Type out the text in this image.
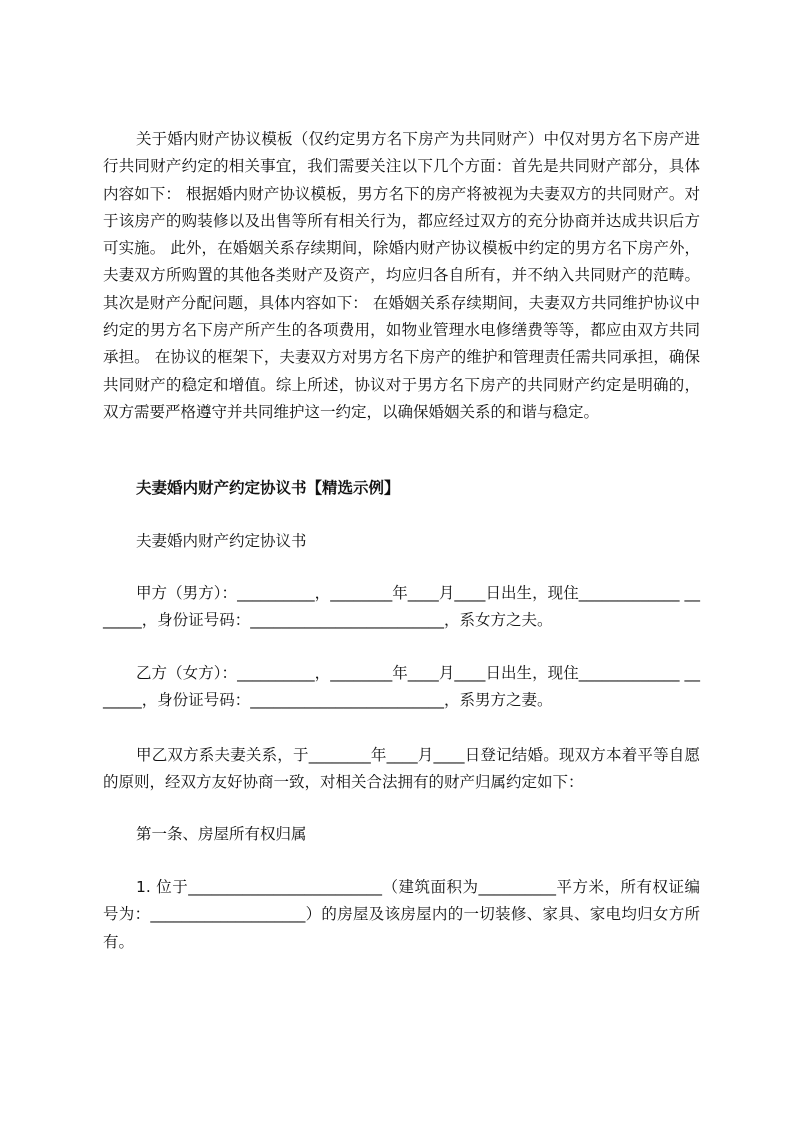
关于婚内财产协议模板（仅约定男方名下房产为共同财产）中仅对男方名下房产进行共同财产约定的相关事宜，我们需要关注以下几个方面：首先是共同财产部分，具体内容如下： 根据婚内财产协议模板，男方名下的房产将被视为夫妻双方的共同财产。对于该房产的购装修以及出售等所有相关行为，都应经过双方的充分协商并达成共识后方可实施。 此外，在婚姻关系存续期间，除婚内财产协议模板中约定的男方名下房产外，夫妻双方所购置的其他各类财产及资产，均应归各自所有，并不纳入共同财产的范畴。其次是财产分配问题，具体内容如下： 在婚姻关系存续期间，夫妻双方共同维护协议中约定的男方名下房产所产生的各项费用，如物业管理水电修缮费等等，都应由双方共同承担。 在协议的框架下，夫妻双方对男方名下房产的维护和管理责任需共同承担，确保共同财产的稳定和增值。综上所述，协议对于男方名下房产的共同财产约定是明确的，双方需要严格遵守并共同维护这一约定，以确保婚姻关系的和谐与稳定。

夫妻婚内财产约定协议书【精选示例】

夫妻婚内财产约定协议书

甲方（男方）：__________，________年____月____日出生，现住_____________ _______，身份证号码：_________________________，系女方之夫。

乙方（女方）：__________，________年____月____日出生，现住_____________ _______，身份证号码：_________________________，系男方之妻。

甲乙双方系夫妻关系，于________年____月____日登记结婚。现双方本着平等自愿的原则，经双方友好协商一致，对相关合法拥有的财产归属约定如下：

第一条、房屋所有权归属

1. 位于_________________________（建筑面积为__________平方米，所有权证编号为：____________________）的房屋及该房屋内的一切装修、家具、家电均归女方所有。
